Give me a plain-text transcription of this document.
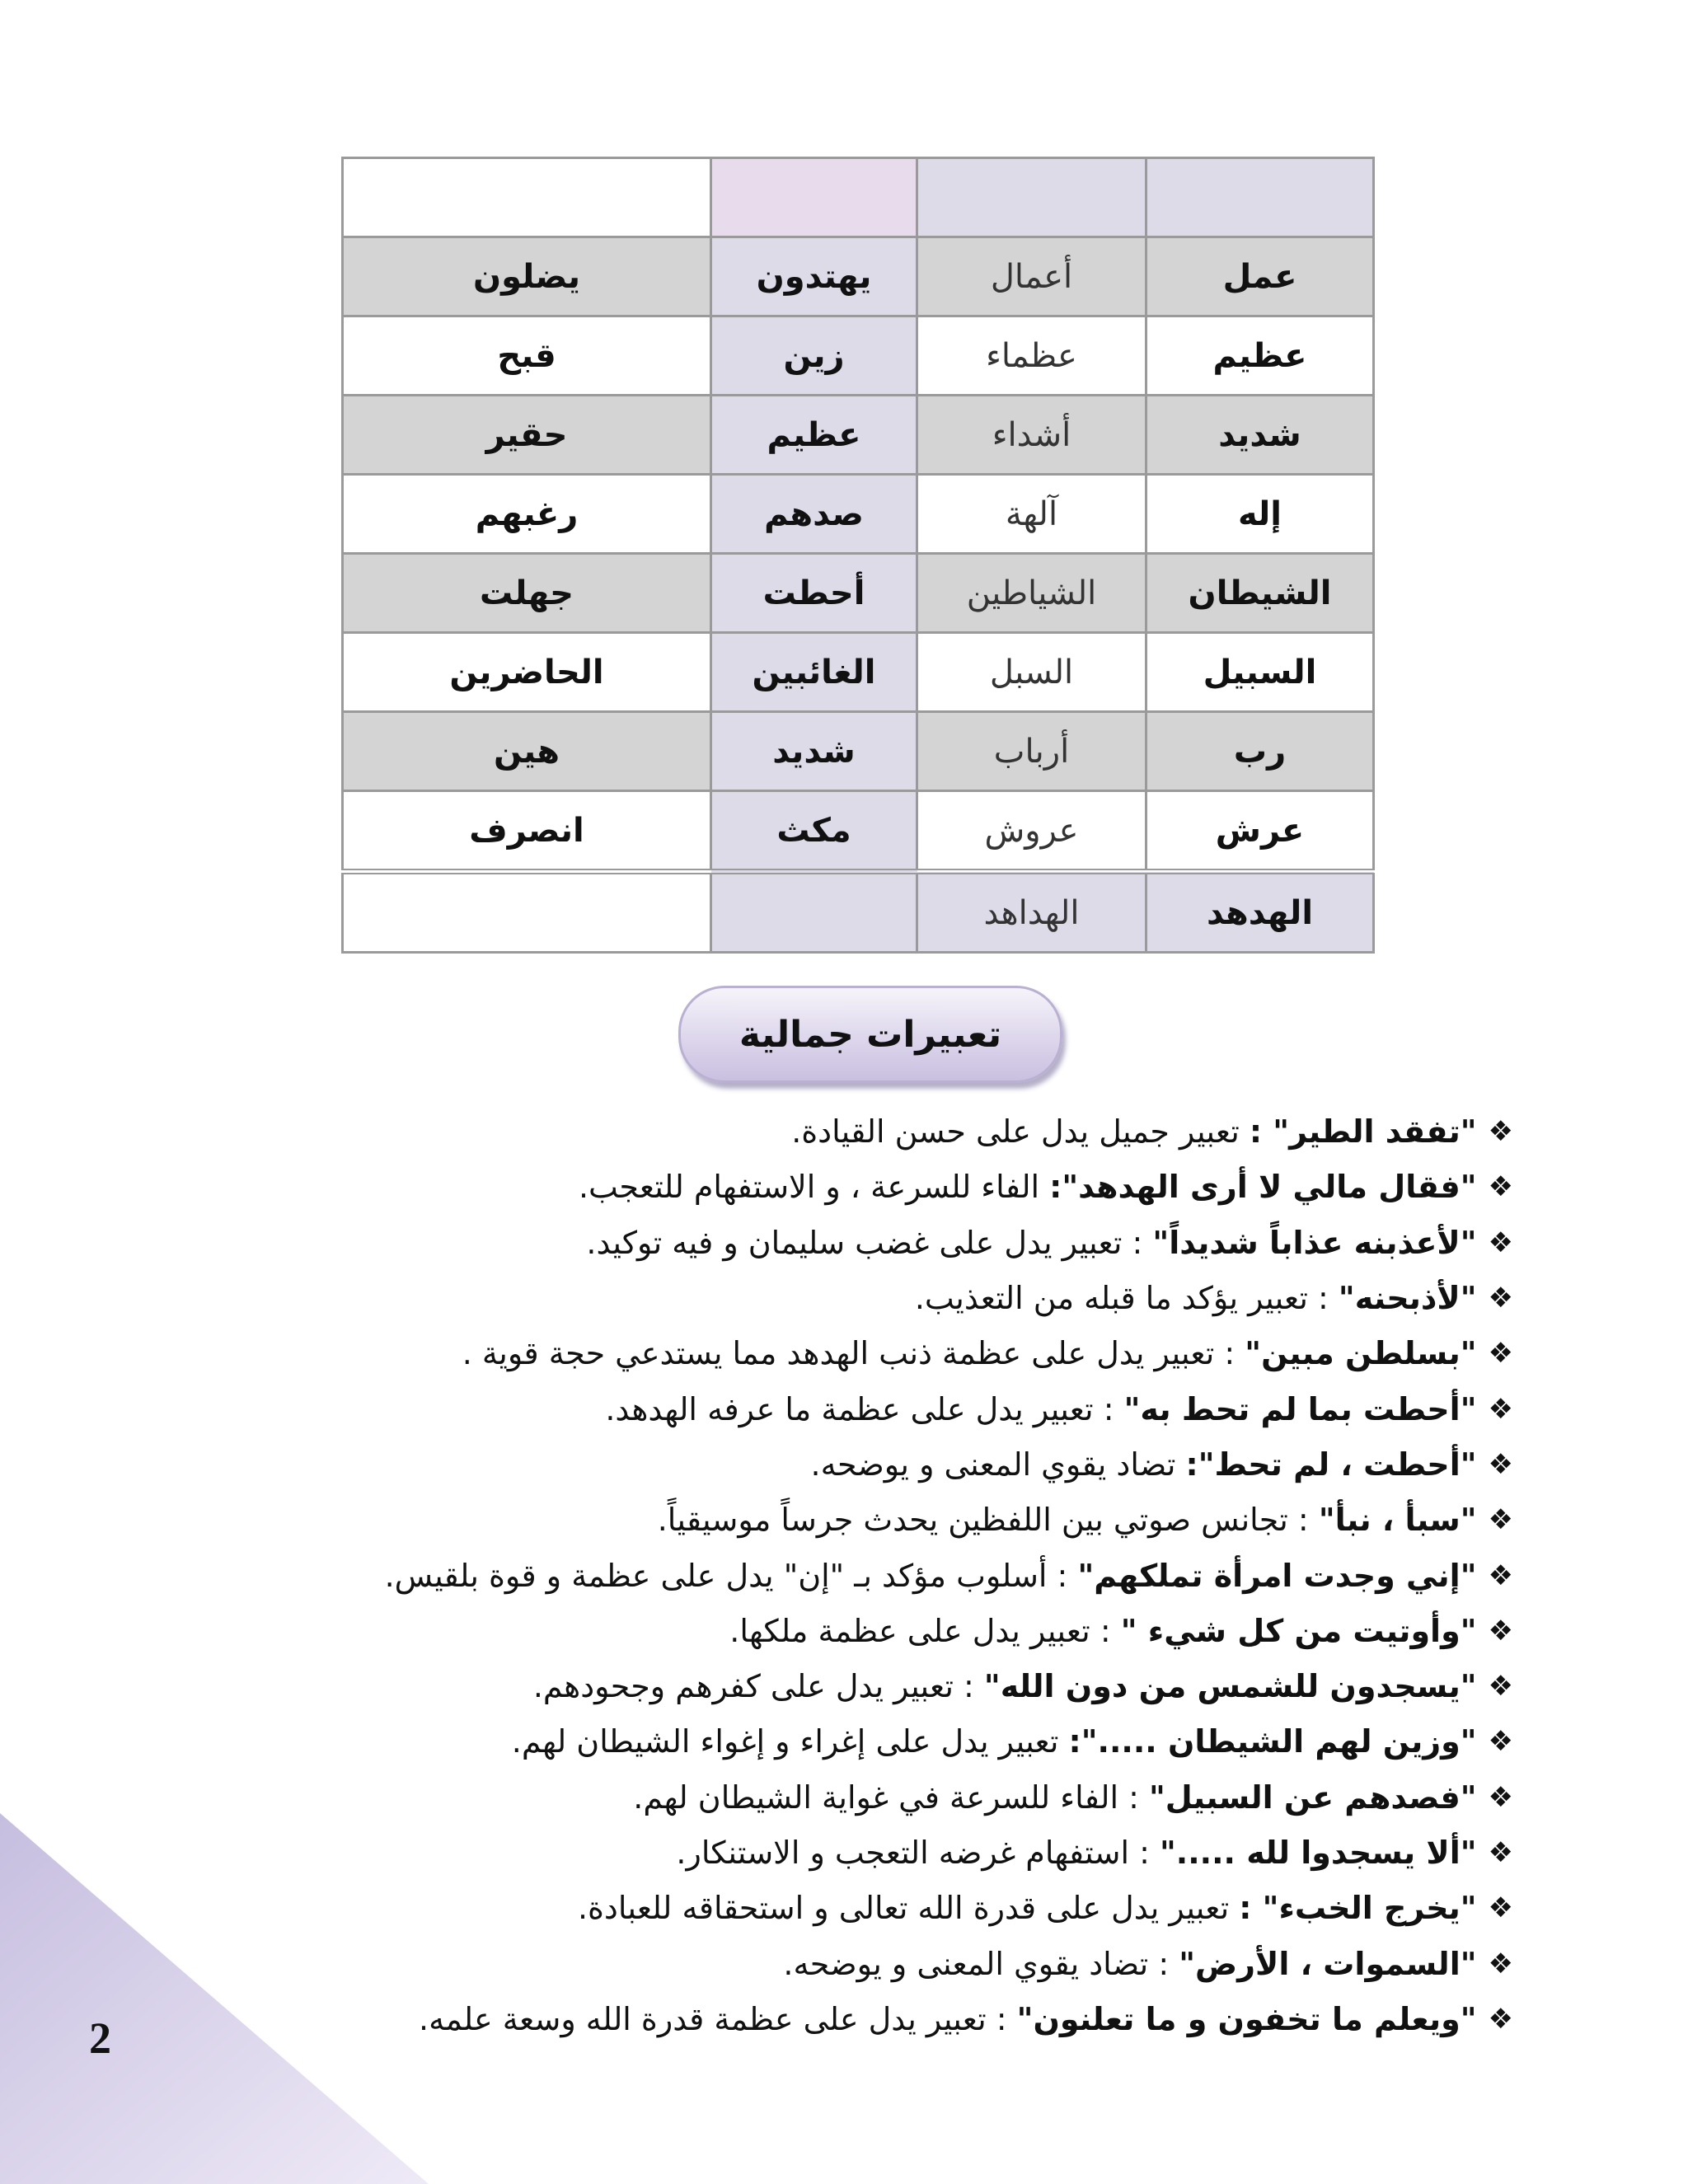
عمل	أعمال	يهتدون	يضلون
عظيم	عظماء	زين	قبح
شديد	أشداء	عظيم	حقير
إله	آلهة	صدهم	رغبهم
الشيطان	الشياطين	أحطت	جهلت
السبيل	السبل	الغائبين	الحاضرين
رب	أرباب	شديد	هين
عرش	عروش	مكث	انصرف
الهدهد	الهداهد		
تعبيرات جمالية
❖
"تفقد الطير" : تعبير جميل يدل على حسن القيادة.
❖
"فقال مالي لا أرى الهدهد": الفاء للسرعة ، و الاستفهام للتعجب.
❖
"لأعذبنه عذاباً شديداً" : تعبير يدل على غضب سليمان و فيه توكيد.
❖
"لأذبحنه" : تعبير يؤكد ما قبله من التعذيب.
❖
"بسلطن مبين" : تعبير يدل على عظمة ذنب الهدهد مما يستدعي حجة قوية .
❖
"أحطت بما لم تحط به" : تعبير يدل على عظمة ما عرفه الهدهد.
❖
"أحطت ، لم تحط": تضاد يقوي المعنى و يوضحه.
❖
"سبأ ، نبأ" : تجانس صوتي بين اللفظين يحدث جرساً موسيقياً.
❖
"إني وجدت امرأة تملكهم" : أسلوب مؤكد بـ "إن" يدل على عظمة و قوة بلقيس.
❖
"وأوتيت من كل شيء " : تعبير يدل على عظمة ملكها.
❖
"يسجدون للشمس من دون الله" : تعبير يدل على كفرهم وجحودهم.
❖
"وزين لهم الشيطان .....": تعبير يدل على إغراء و إغواء الشيطان لهم.
❖
"فصدهم عن السبيل" : الفاء للسرعة في غواية الشيطان لهم.
❖
"ألا يسجدوا لله ....." : استفهام غرضه التعجب و الاستنكار.
❖
"يخرج الخبء" : تعبير يدل على قدرة الله تعالى و استحقاقه للعبادة.
❖
"السموات ، الأرض" : تضاد يقوي المعنى و يوضحه.
❖
"ويعلم ما تخفون و ما تعلنون" : تعبير يدل على عظمة قدرة الله وسعة علمه.
2
